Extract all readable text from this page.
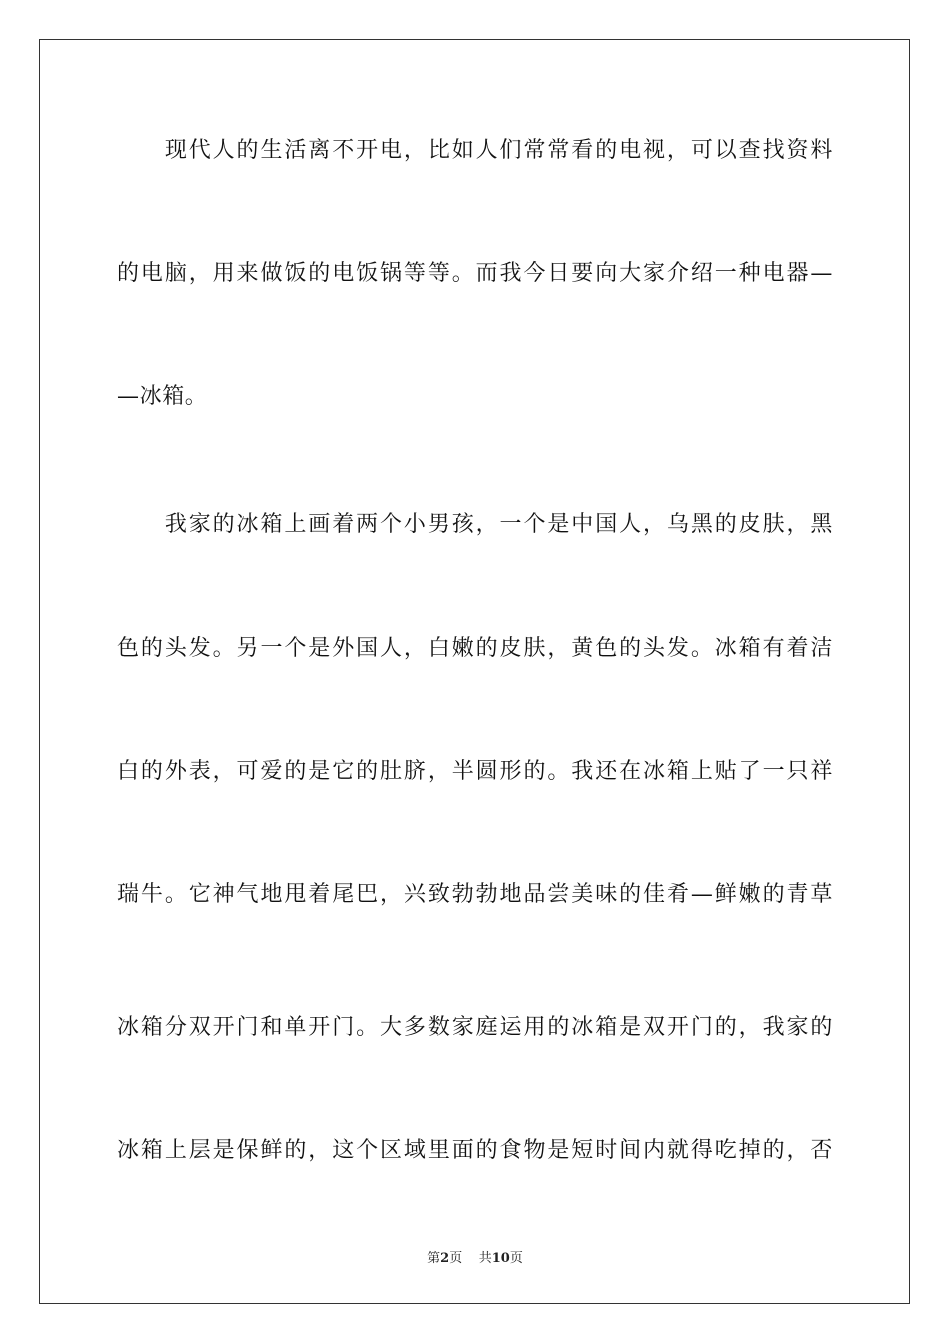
　　现代人的生活离不开电，比如人们常常看的电视，可以查找资料
的电脑，用来做饭的电饭锅等等。而我今日要向大家介绍一种电器—
—冰箱。
　　我家的冰箱上画着两个小男孩，一个是中国人，乌黑的皮肤，黑
色的头发。另一个是外国人，白嫩的皮肤，黄色的头发。冰箱有着洁
白的外表，可爱的是它的肚脐，半圆形的。我还在冰箱上贴了一只祥
瑞牛。它神气地甩着尾巴，兴致勃勃地品尝美味的佳肴—鲜嫩的青草
冰箱分双开门和单开门。大多数家庭运用的冰箱是双开门的，我家的
冰箱上层是保鲜的，这个区域里面的食物是短时间内就得吃掉的，否
第2页 共10页
